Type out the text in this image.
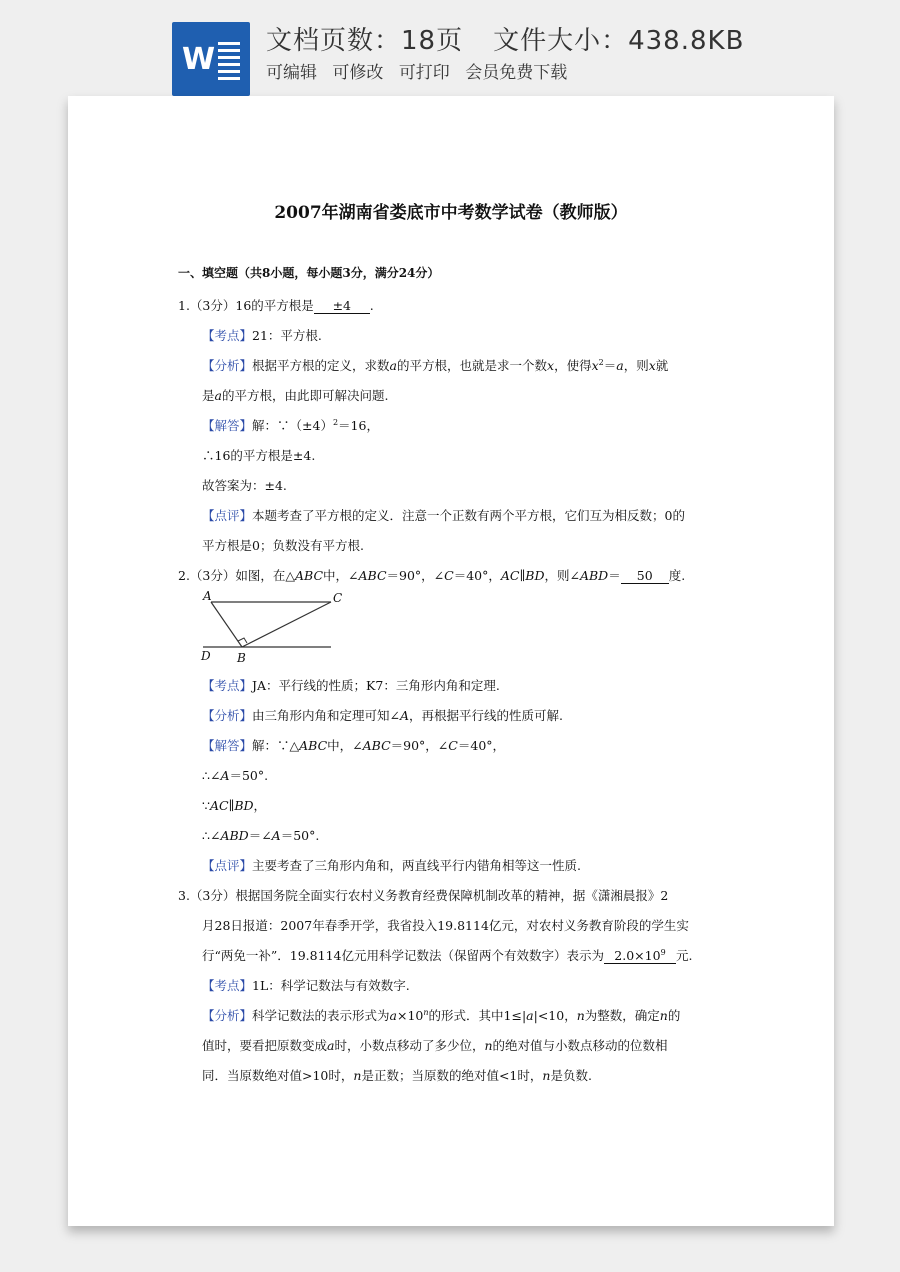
W
文档页数：18页 文件大小：438.8KB
可编辑 可修改 可打印 会员免费下载
2007年湖南省娄底市中考数学试卷（教师版）
一、填空题（共8小题，每小题3分，满分24分）
1.（3分）16的平方根是 ±4 .
【考点】21：平方根.
【分析】根据平方根的定义，求数a的平方根，也就是求一个数x，使得$x^2=a$，则x就
是a的平方根，由此即可解决问题.
【解答】解：$\because(\pm 4)^2=16$，
∴16的平方根是±4.
故答案为：±4.
【点评】本题考查了平方根的定义．注意一个正数有两个平方根，它们互为相反数；0的
平方根是0；负数没有平方根.
2.（3分）如图，在△ABC中，∠ABC＝90°，∠C＝40°，AC∥BD，则∠ABD＝ 50 度.
A	C
D B
【考点】JA：平行线的性质；K7：三角形内角和定理.
【分析】由三角形内角和定理可知∠A，再根据平行线的性质可解.
【解答】解：∵△ABC中，∠ABC＝90°，∠C＝40°，
∴∠A＝50°.
∵AC∥BD，
∴∠ABD＝∠A＝50°.
【点评】主要考查了三角形内角和，两直线平行内错角相等这一性质.
3.（3分）根据国务院全面实行农村义务教育经费保障机制改革的精神，据《潇湘晨报》2
月28日报道：2007年春季开学，我省投入19.8114亿元，对农村义务教育阶段的学生实
行“两免一补”．19.8114亿元用科学记数法（保留两个有效数字）表示为 $2.0\times 10^9$ 元.
【考点】1L：科学记数法与有效数字.
【分析】科学记数法的表示形式为$a\times 10^n$的形式．其中1≤|a|<10，n为整数，确定n的
值时，要看把原数变成a时，小数点移动了多少位，n的绝对值与小数点移动的位数相
同．当原数绝对值>10时，n是正数；当原数的绝对值<1时，n是负数.
